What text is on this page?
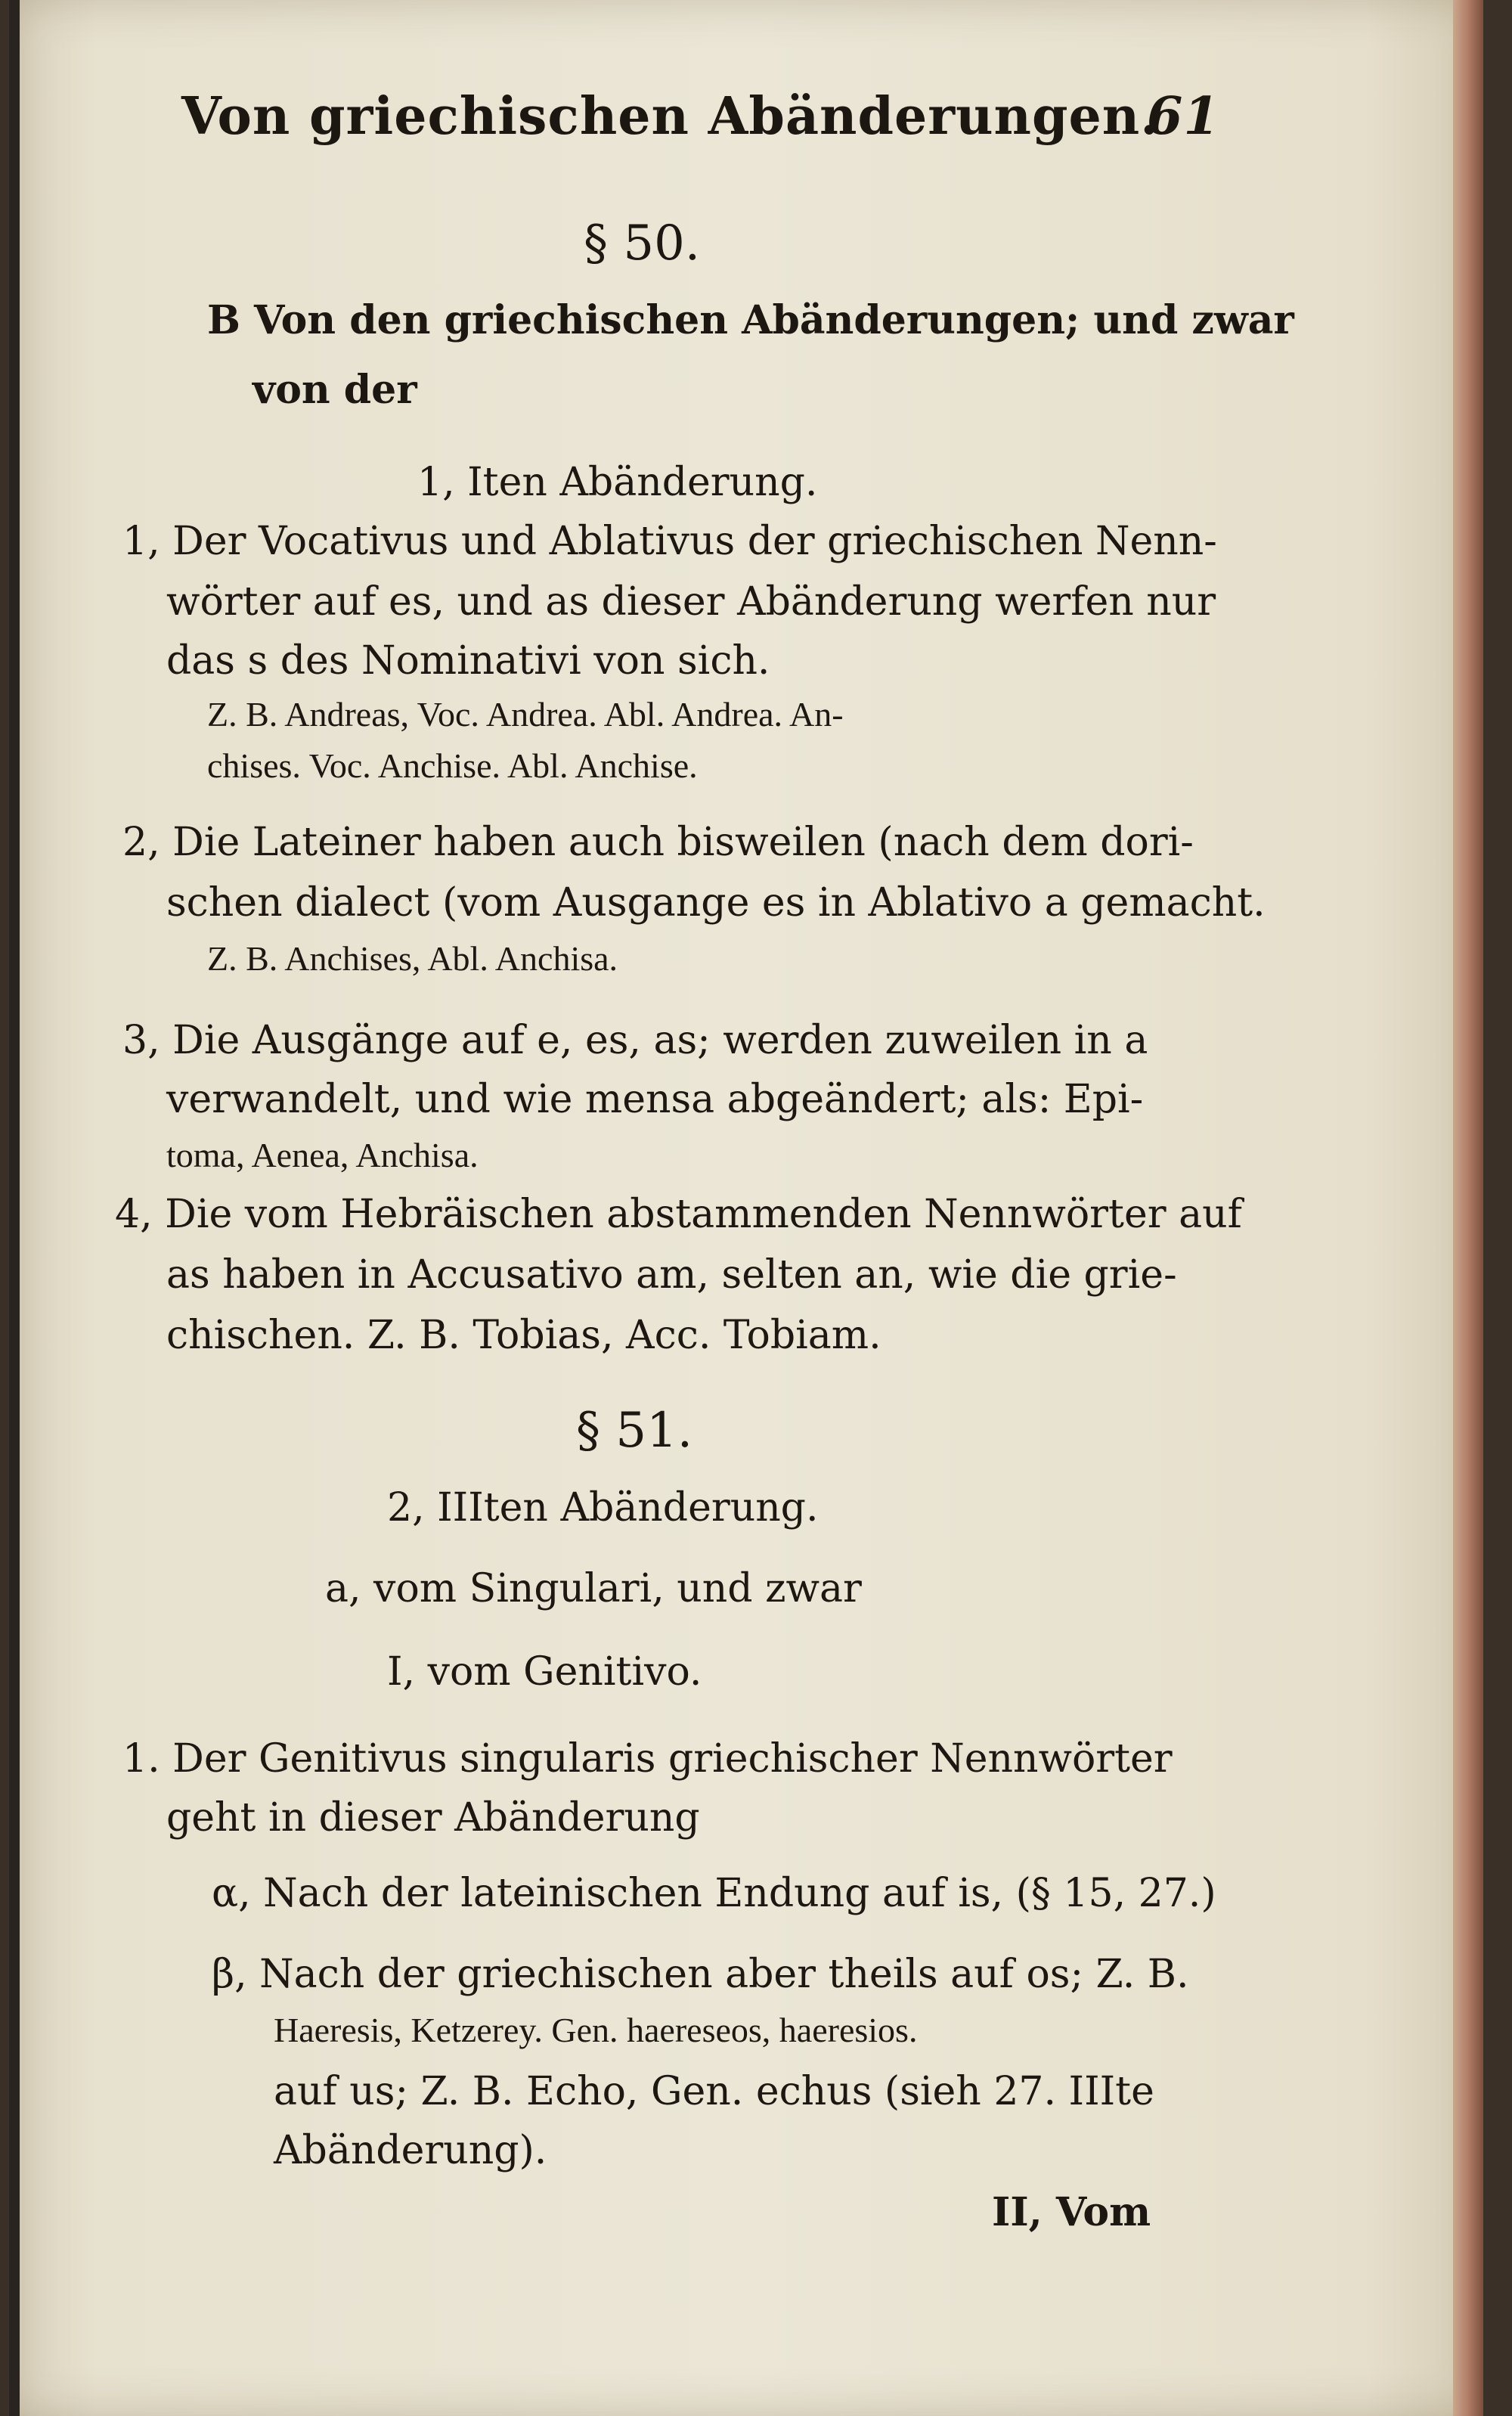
Von griechischen Abänderungen.
61
§ 50.
B Von den griechischen Abänderungen; und zwar
von der
1, Iten Abänderung.
1, Der Vocativus und Ablativus der griechischen Nenn-
wörter auf es, und as dieser Abänderung werfen nur
das s des Nominativi von sich.
Z. B. Andreas, Voc. Andrea. Abl. Andrea. An-
chises. Voc. Anchise. Abl. Anchise.
2, Die Lateiner haben auch bisweilen (nach dem dori-
schen dialect (vom Ausgange es in Ablativo a gemacht.
Z. B. Anchises, Abl. Anchisa.
3, Die Ausgänge auf e, es, as; werden zuweilen in a
verwandelt, und wie mensa abgeändert; als: Epi-
toma, Aenea, Anchisa.
4, Die vom Hebräischen abstammenden Nennwörter auf
as haben in Accusativo am, selten an, wie die grie-
chischen. Z. B. Tobias, Acc. Tobiam.
§ 51.
2, IIIten Abänderung.
a, vom Singulari, und zwar
I, vom Genitivo.
1. Der Genitivus singularis griechischer Nennwörter
geht in dieser Abänderung
α, Nach der lateinischen Endung auf is, (§ 15, 27.)
β, Nach der griechischen aber theils auf os; Z. B.
Haeresis, Ketzerey. Gen. haereseos, haeresios.
auf us; Z. B. Echo, Gen. echus (sieh 27. IIIte
Abänderung).
II, Vom
